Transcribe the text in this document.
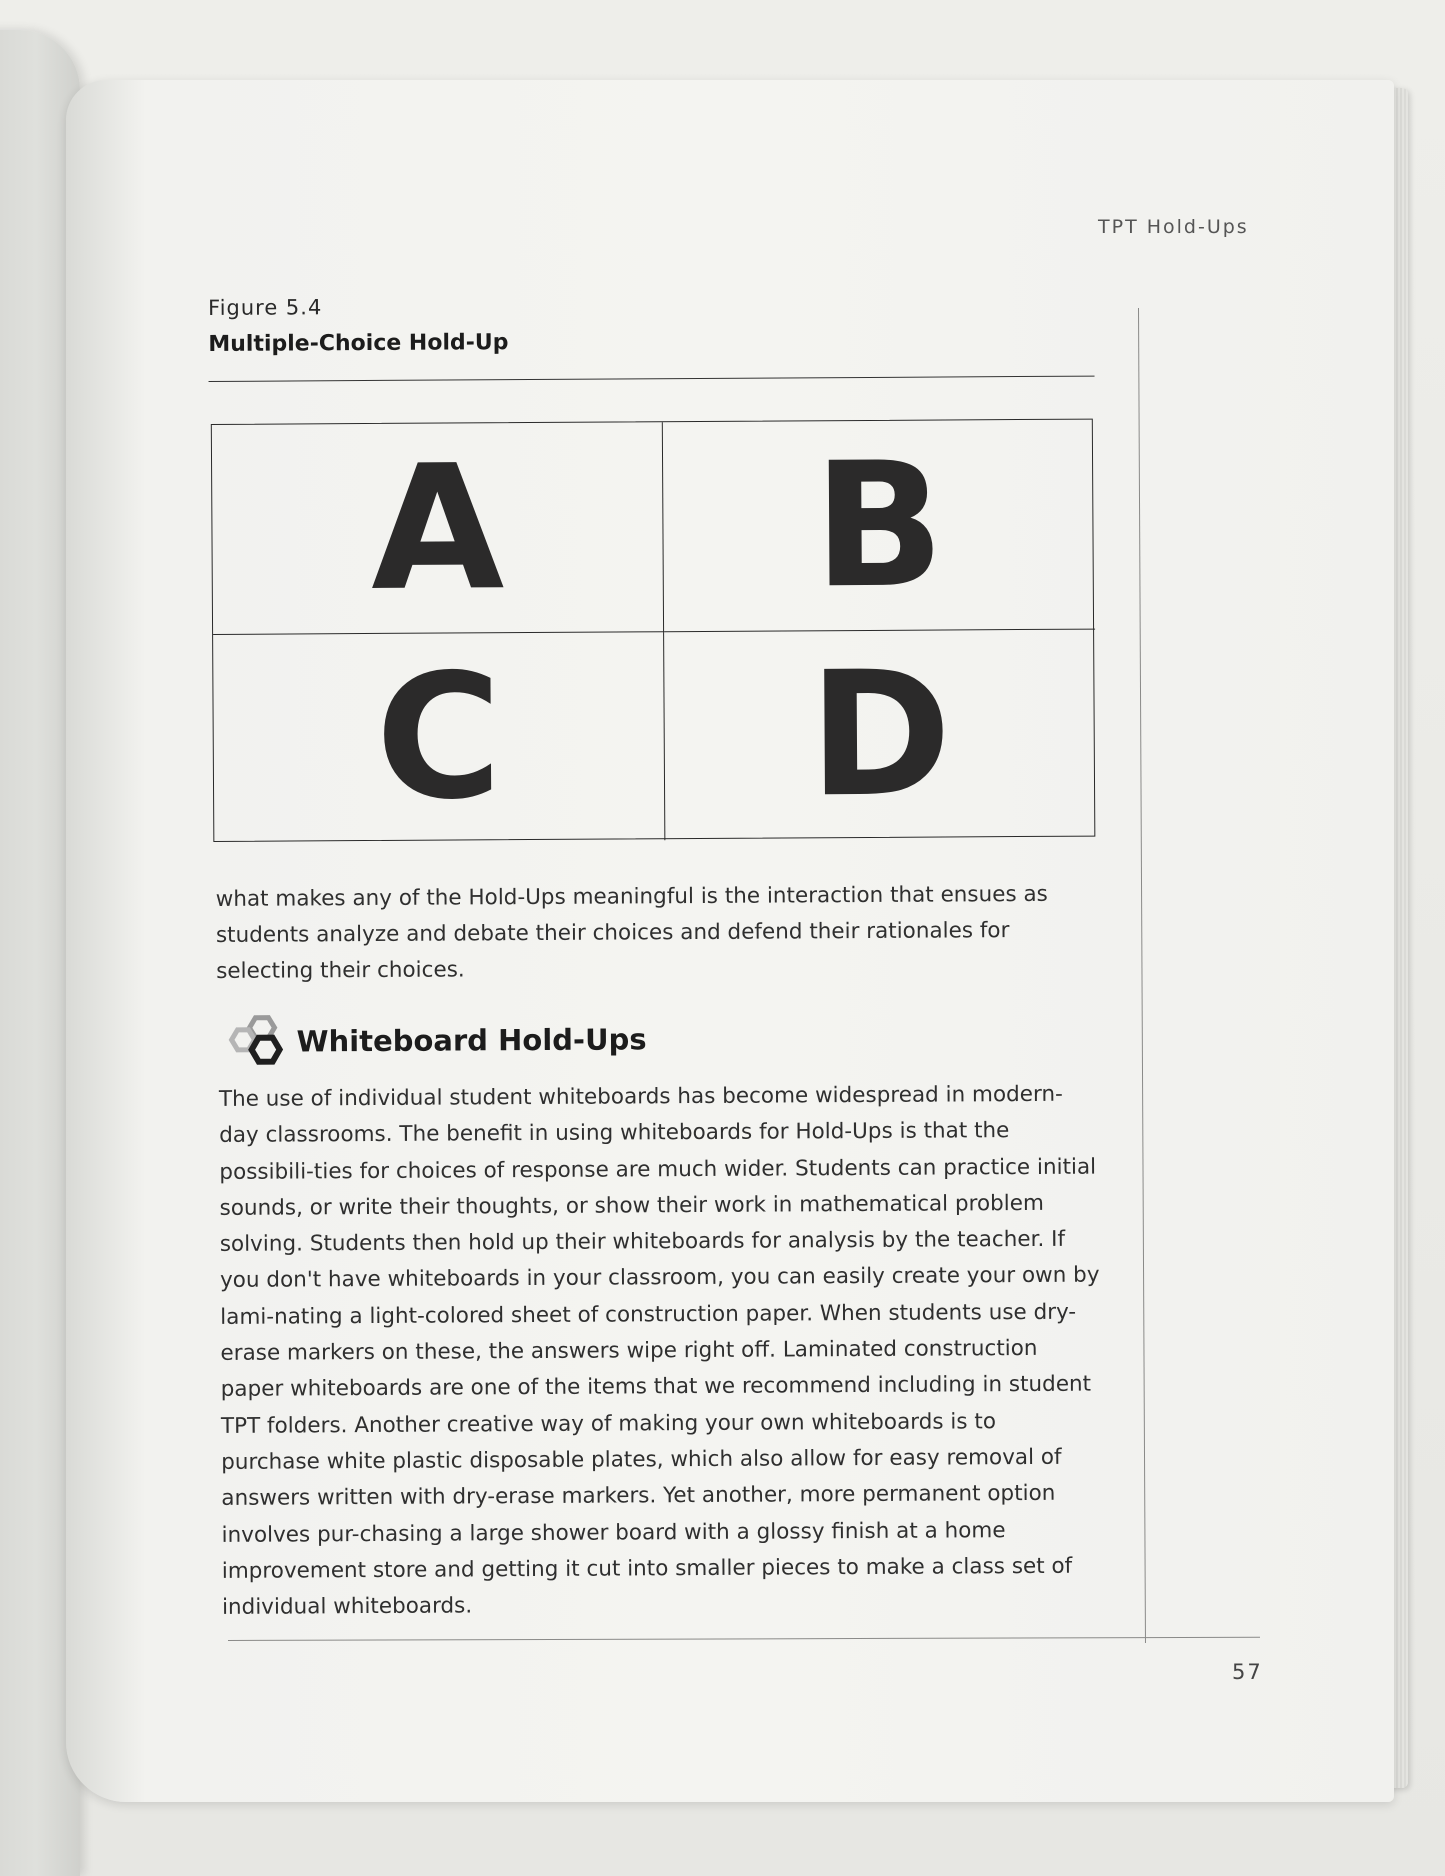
TPT Hold-Ups
Figure 5.4
Multiple-Choice Hold-Up
A B
C D

what makes any of the Hold-Ups meaningful is the interaction that ensues as students analyze and debate their choices and defend their rationales for selecting their choices.

Whiteboard Hold-Ups

The use of individual student whiteboards has become widespread in modern-day classrooms. The benefit in using whiteboards for Hold-Ups is that the possibili-ties for choices of response are much wider. Students can practice initial sounds, or write their thoughts, or show their work in mathematical problem solving. Students then hold up their whiteboards for analysis by the teacher. If you don't have whiteboards in your classroom, you can easily create your own by lami-nating a light-colored sheet of construction paper. When students use dry-erase markers on these, the answers wipe right off. Laminated construction paper whiteboards are one of the items that we recommend including in student TPT folders. Another creative way of making your own whiteboards is to purchase white plastic disposable plates, which also allow for easy removal of answers written with dry-erase markers. Yet another, more permanent option involves pur-chasing a large shower board with a glossy finish at a home improvement store and getting it cut into smaller pieces to make a class set of individual whiteboards.

57
